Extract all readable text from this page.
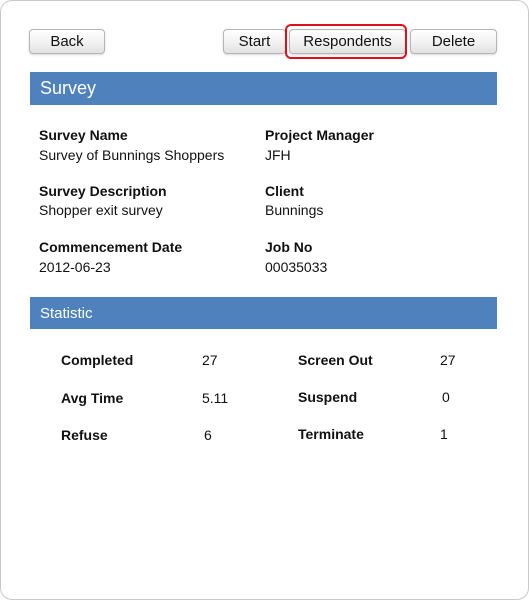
Back	Start	Respondents	Delete
Survey
Survey Name
Survey of Bunnings Shoppers
Project Manager
JFH
Survey Description
Shopper exit survey
Client
Bunnings
Commencement Date
2012-06-23
Job No
00035033
Statistic
Completed	27	Screen Out	27
Avg Time	5.11	Suspend	0
Refuse	6	Terminate	1
